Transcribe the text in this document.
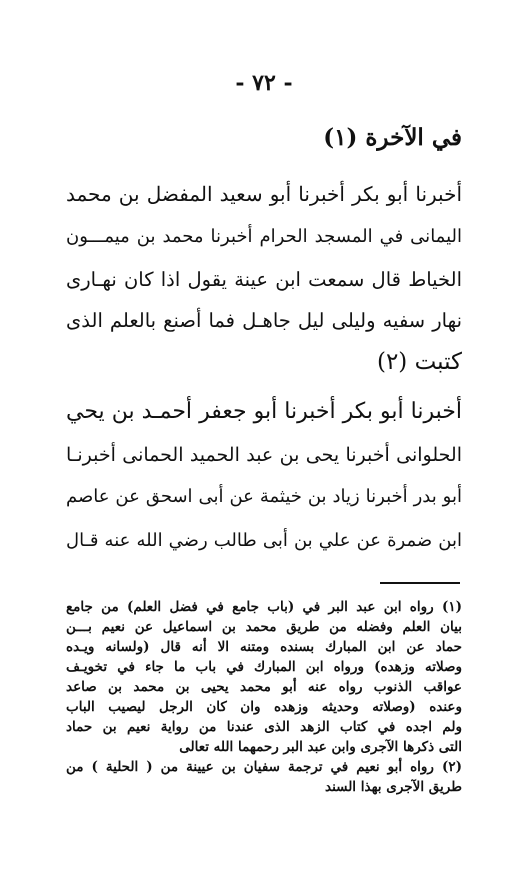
- ٧٢ -
في الآخرة (١)
أخبرنا أبو بكر أخبرنا أبو سعيد المفضل بن محمد
اليمانى في المسجد الحرام أخبرنا محمد بن ميمـــون
الخياط قال سمعت ابن عينة يقول اذا كان نهـارى
نهار سفيه وليلى ليل جاهـل فما أصنع بالعلم الذى
كتبت (٢)
أخبرنا أبو بكر أخبرنا أبو جعفر أحمـد بن يحي
الحلوانى أخبرنا يحى بن عبد الحميد الحمانى أخبرنـا
أبو بدر أخبرنا زياد بن خيثمة عن أبى اسحق عن عاصم
ابن ضمرة عن علي بن أبى طالب رضي الله عنه قـال
(١) رواه ابن عبد البر في (باب جامع في فضل العلم) من جامع
بيان العلم وفضله من طريق محمد بن اسماعيل عن نعيم بـــن
حماد عن ابن المبارك بسنده ومتنه الا أنه قال (ولسانه ويـده
وصلاته وزهده) ورواه ابن المبارك في باب ما جاء في تخويـف
عواقب الذنوب رواه عنه أبو محمد يحيى بن محمد بن صاعد
وعنده (وصلاته وحديثه وزهده وان كان الرجل ليصيب الباب
ولم اجده في كتاب الزهد الذى عندنا من رواية نعيم بن حماد
التى ذكرها الآجرى وابن عبد البر رحمهما الله تعالى
(٢) رواه أبو نعيم في ترجمة سفيان بن عيينة من ( الحلية ) من
طريق الآجرى بهذا السند
